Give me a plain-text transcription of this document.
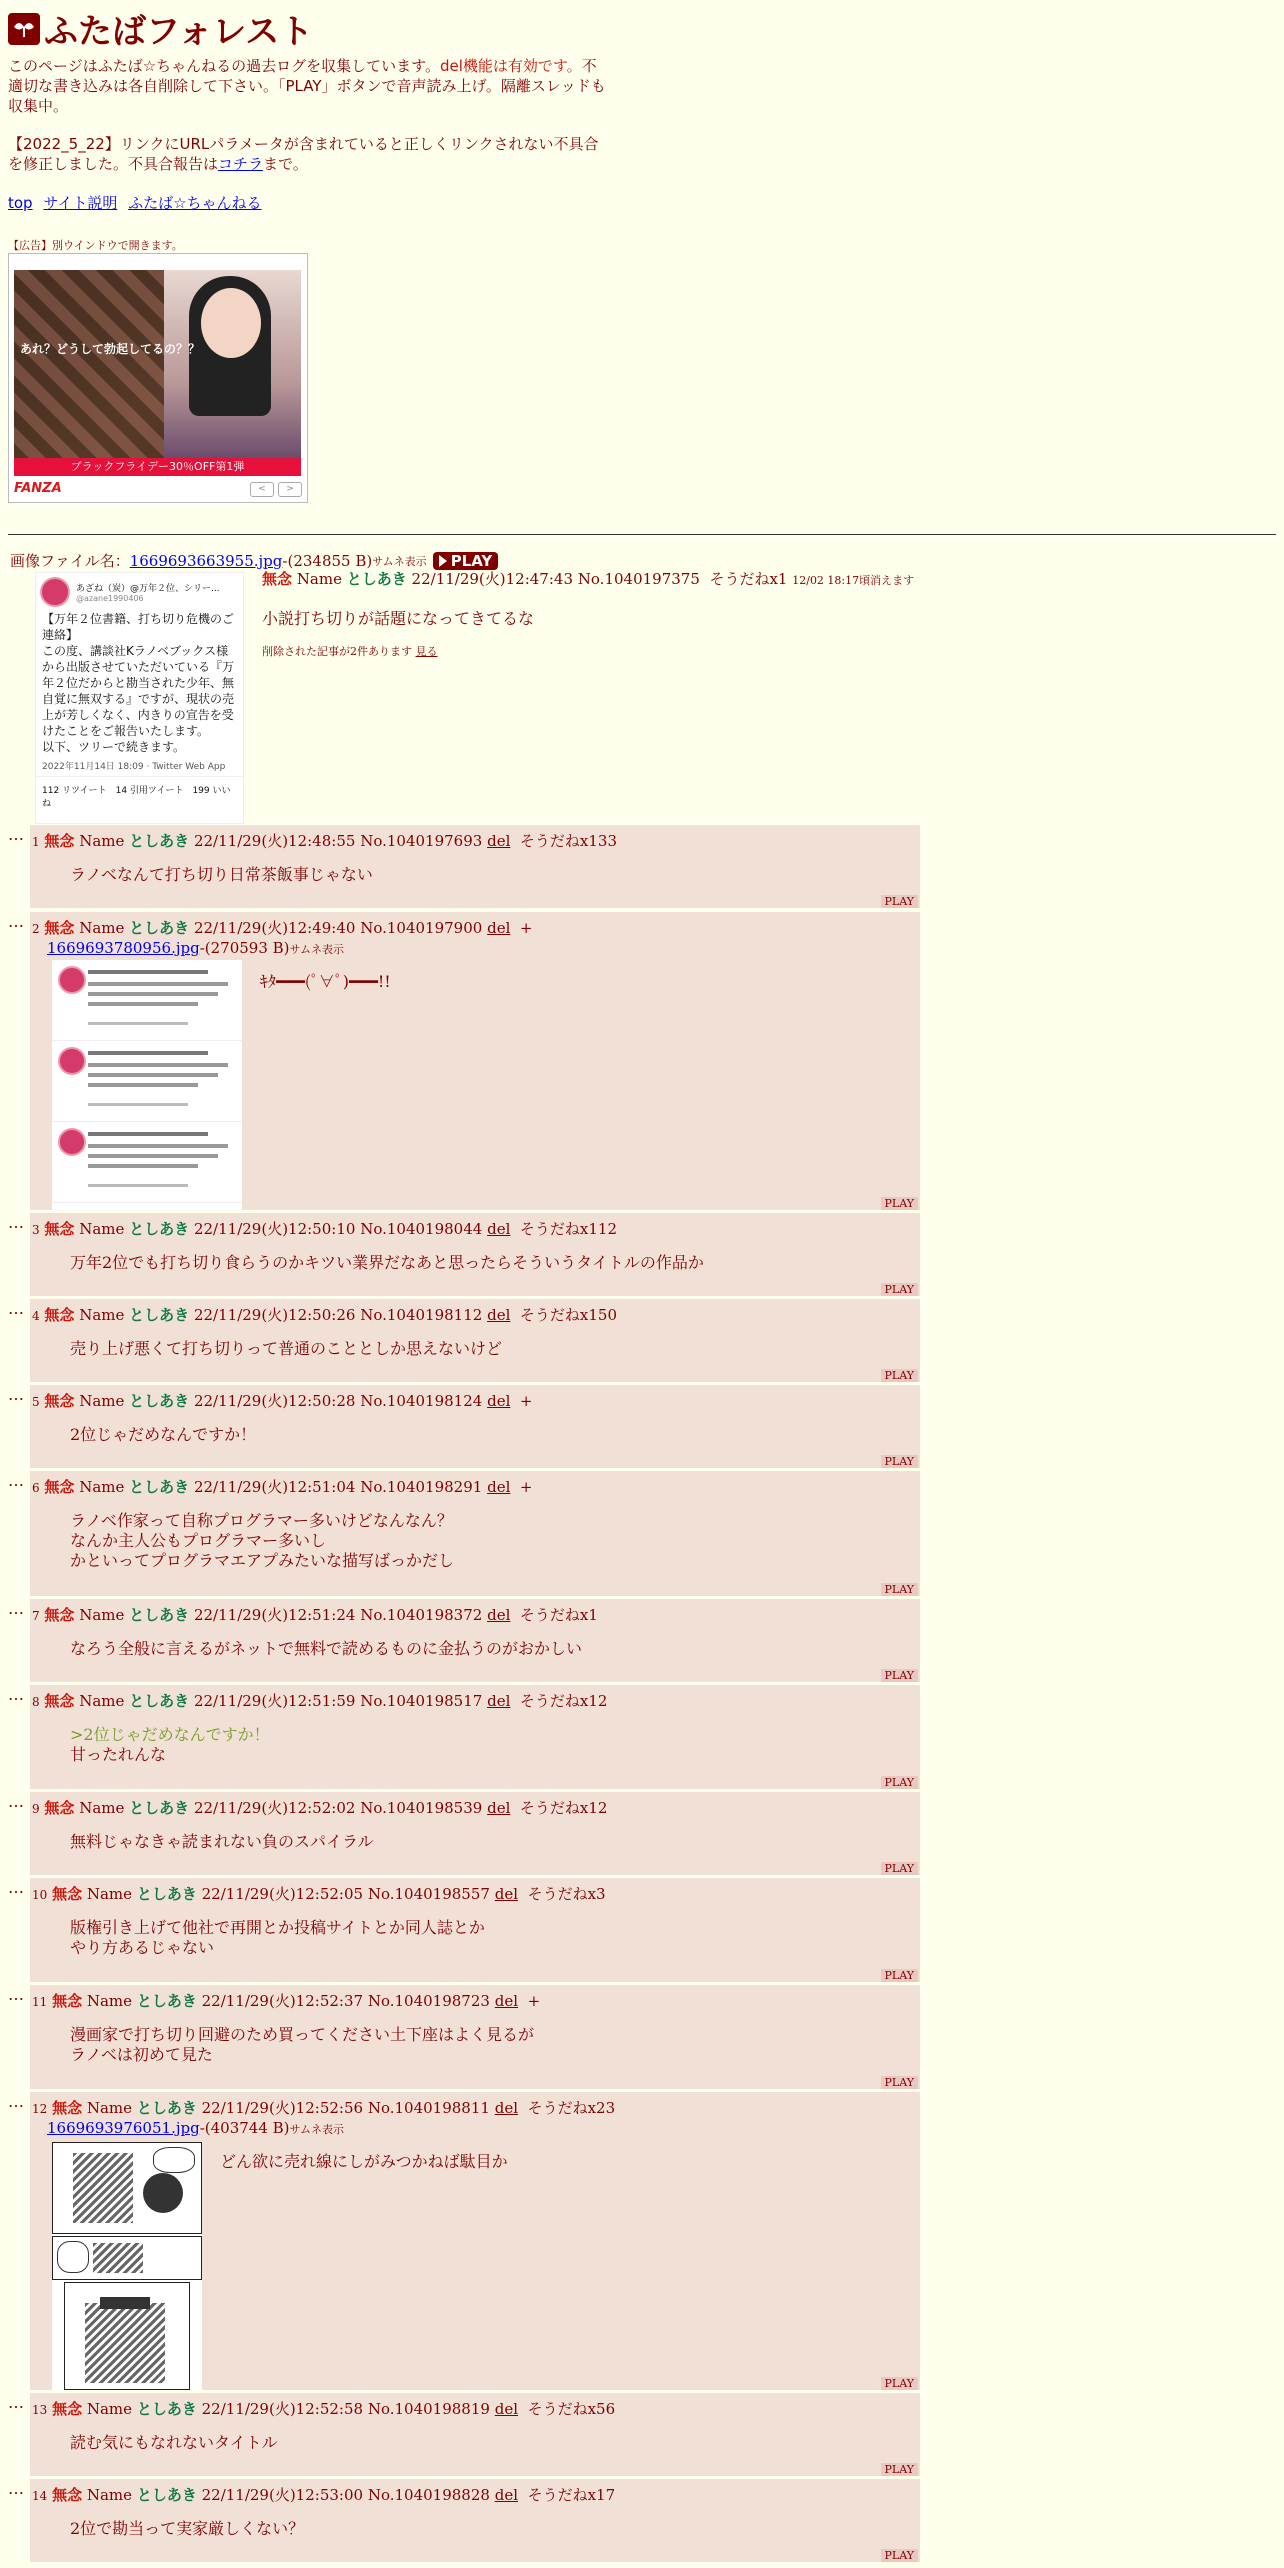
ふたばフォレスト
このページはふたば☆ちゃんねるの過去ログを収集しています。del機能は有効です。不適切な書き込みは各自削除して下さい。「PLAY」ボタンで音声読み上げ。隔離スレッドも収集中。
【2022_5_22】リンクにURLパラメータが含まれていると正しくリンクされない不具合を修正しました。不具合報告はコチラまで。
top サイト説明 ふたば☆ちゃんねる
【広告】別ウインドウで開きます。
あれ？どうして勃起してるの？？
ブラックフライデー30％OFF第1弾
FANZA	<	>
画像ファイル名： 1669693663955.jpg -(234855 B) サムネ表示 PLAY
あざね（炭）@万年２位、シリー...
@azane1990406
【万年２位書籍、打ち切り危機のご連絡】
この度、講談社Kラノベブックス様から出版させていただいている『万年２位だからと勘当された少年、無自覚に無双する』ですが、現状の売上が芳しくなく、内きりの宣告を受けたことをご報告いたします。
以下、ツリーで続きます。
2022年11月14日 18:09 · Twitter Web App
112 リツイート　14 引用ツイート　199 いいね
無念 Name としあき 22/11/29(火)12:47:43 No.1040197375 そうだねx1 12/02 18:17頃消えます
小説打ち切りが話題になってきてるな
削除された記事が2件あります 見る
… 1 無念 Name としあき 22/11/29(火)12:48:55 No.1040197693 del そうだねx133
ラノベなんて打ち切り日常茶飯事じゃない
PLAY
… 2 無念 Name としあき 22/11/29(火)12:49:40 No.1040197900 del +
1669693780956.jpg-(270593 B)サムネ表示
ｷﾀ━━━(ﾟ∀ﾟ)━━━!!
PLAY
… 3 無念 Name としあき 22/11/29(火)12:50:10 No.1040198044 del そうだねx112
万年2位でも打ち切り食らうのかキツい業界だなあと思ったらそういうタイトルの作品か
PLAY
… 4 無念 Name としあき 22/11/29(火)12:50:26 No.1040198112 del そうだねx150
売り上げ悪くて打ち切りって普通のこととしか思えないけど
PLAY
… 5 無念 Name としあき 22/11/29(火)12:50:28 No.1040198124 del +
2位じゃだめなんですか！
PLAY
… 6 無念 Name としあき 22/11/29(火)12:51:04 No.1040198291 del +
ラノベ作家って自称プログラマー多いけどなんなん？
なんか主人公もプログラマー多いし
かといってプログラマエアプみたいな描写ばっかだし
PLAY
… 7 無念 Name としあき 22/11/29(火)12:51:24 No.1040198372 del そうだねx1
なろう全般に言えるがネットで無料で読めるものに金払うのがおかしい
PLAY
… 8 無念 Name としあき 22/11/29(火)12:51:59 No.1040198517 del そうだねx12
>2位じゃだめなんですか！
甘ったれんな
PLAY
… 9 無念 Name としあき 22/11/29(火)12:52:02 No.1040198539 del そうだねx12
無料じゃなきゃ読まれない負のスパイラル
PLAY
… 10 無念 Name としあき 22/11/29(火)12:52:05 No.1040198557 del そうだねx3
版権引き上げて他社で再開とか投稿サイトとか同人誌とか
やり方あるじゃない
PLAY
… 11 無念 Name としあき 22/11/29(火)12:52:37 No.1040198723 del +
漫画家で打ち切り回避のため買ってください土下座はよく見るが
ラノベは初めて見た
PLAY
… 12 無念 Name としあき 22/11/29(火)12:52:56 No.1040198811 del そうだねx23
1669693976051.jpg-(403744 B)サムネ表示
どん欲に売れ線にしがみつかねば駄目か
PLAY
… 13 無念 Name としあき 22/11/29(火)12:52:58 No.1040198819 del そうだねx56
読む気にもなれないタイトル
PLAY
… 14 無念 Name としあき 22/11/29(火)12:53:00 No.1040198828 del そうだねx17
2位で勘当って実家厳しくない？
PLAY
